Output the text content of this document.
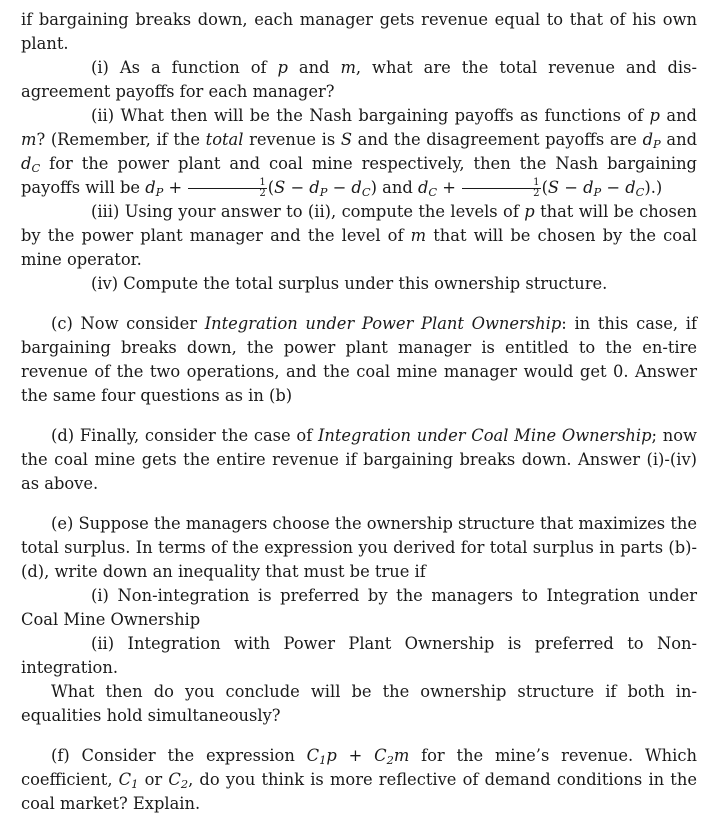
if bargaining breaks down, each manager gets revenue equal to that of his own plant.

(i) As a function of p and m, what are the total revenue and dis-agreement payoffs for each manager?

(ii) What then will be the Nash bargaining payoffs as functions of p and m? (Remember, if the total revenue is S and the disagreement payoffs are $d_P$ and $d_C$ for the power plant and coal mine respectively, then the Nash bargaining payoffs will be $d_P + \frac{1}{2} (S - d_P - d_C)$ and $d_C + \frac{1}{2} (S - d_P - d_C)$.)

(iii) Using your answer to (ii), compute the levels of p that will be chosen by the power plant manager and the level of m that will be chosen by the coal mine operator.

(iv) Compute the total surplus under this ownership structure.

(c) Now consider Integration under Power Plant Ownership: in this case, if bargaining breaks down, the power plant manager is entitled to the en-tire revenue of the two operations, and the coal mine manager would get 0. Answer the same four questions as in (b)

(d) Finally, consider the case of Integration under Coal Mine Ownership; now the coal mine gets the entire revenue if bargaining breaks down. Answer (i)-(iv) as above.

(e) Suppose the managers choose the ownership structure that maximizes the total surplus. In terms of the expression you derived for total surplus in parts (b)-(d), write down an inequality that must be true if

(i) Non-integration is preferred by the managers to Integration under Coal Mine Ownership

(ii) Integration with Power Plant Ownership is preferred to Non-integration.

What then do you conclude will be the ownership structure if both in-equalities hold simultaneously?

(f) Consider the expression $C_1p + C_2m$ for the mine’s revenue. Which coefficient, $C_1$ or $C_2$, do you think is more reflective of demand conditions in the coal market? Explain.
